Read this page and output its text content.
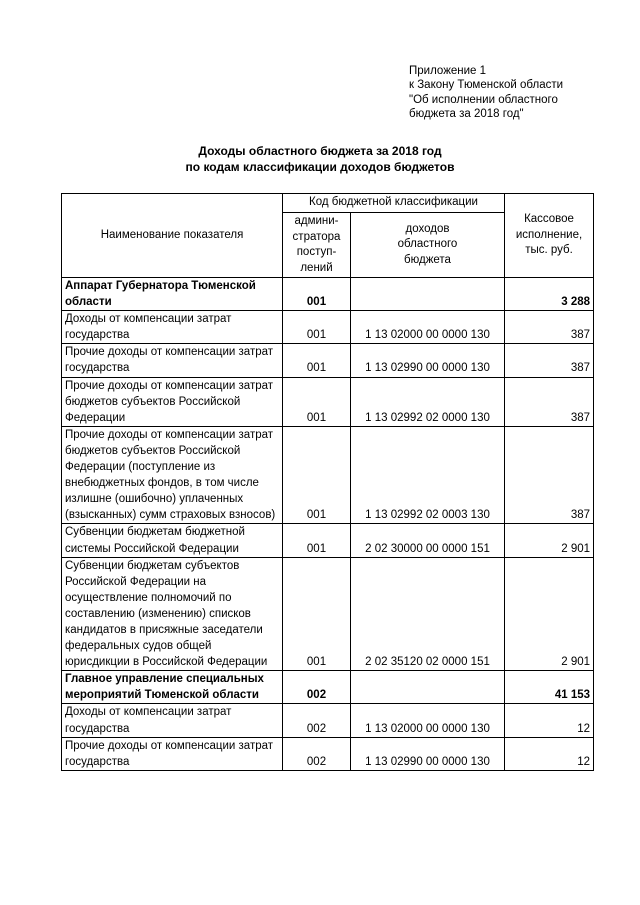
Приложение 1
к Закону Тюменской области
"Об исполнении областного
бюджета за 2018 год"
Доходы областного бюджета за 2018 год
по кодам классификации доходов бюджетов
Наименование показателя	Код бюджетной классификации		Кассовое исполнение, тыс. руб.
	админи- стратора поступ- лений	доходов областного бюджета	
Аппарат Губернатора Тюменской области	001		3 288
Доходы от компенсации затрат государства	001	1 13 02000 00 0000 130	387
Прочие доходы от компенсации затрат государства	001	1 13 02990 00 0000 130	387
Прочие доходы от компенсации затрат бюджетов субъектов Российской Федерации	001	1 13 02992 02 0000 130	387
Прочие доходы от компенсации затрат бюджетов субъектов Российской Федерации (поступление из внебюджетных фондов, в том числе излишне (ошибочно) уплаченных (взысканных) сумм страховых взносов)	001	1 13 02992 02 0003 130	387
Субвенции бюджетам бюджетной системы Российской Федерации	001	2 02 30000 00 0000 151	2 901
Субвенции бюджетам субъектов Российской Федерации на осуществление полномочий по составлению (изменению) списков кандидатов в присяжные заседатели федеральных судов общей юрисдикции в Российской Федерации	001	2 02 35120 02 0000 151	2 901
Главное управление специальных мероприятий Тюменской области	002		41 153
Доходы от компенсации затрат государства	002	1 13 02000 00 0000 130	12
Прочие доходы от компенсации затрат государства	002	1 13 02990 00 0000 130	12
